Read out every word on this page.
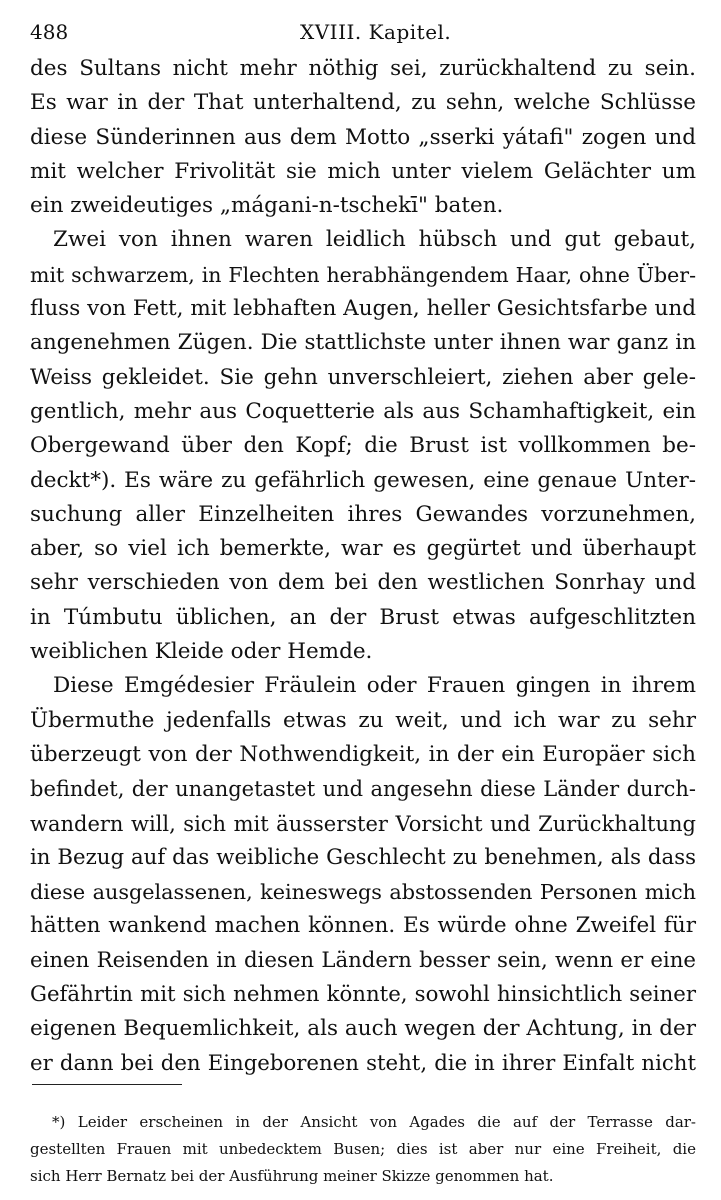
488	XVIII. Kapitel.
des Sultans nicht mehr nöthig sei, zurückhaltend zu sein.
Es war in der That unterhaltend, zu sehn, welche Schlüsse
diese Sünderinnen aus dem Motto „sserki yátafi" zogen und
mit welcher Frivolität sie mich unter vielem Gelächter um
ein zweideutiges „mágani-n-tschekī" baten.
Zwei von ihnen waren leidlich hübsch und gut gebaut,
mit schwarzem, in Flechten herabhängendem Haar, ohne Über-
fluss von Fett, mit lebhaften Augen, heller Gesichtsfarbe und
angenehmen Zügen. Die stattlichste unter ihnen war ganz in
Weiss gekleidet. Sie gehn unverschleiert, ziehen aber gele-
gentlich, mehr aus Coquetterie als aus Schamhaftigkeit, ein
Obergewand über den Kopf; die Brust ist vollkommen be-
deckt*). Es wäre zu gefährlich gewesen, eine genaue Unter-
suchung aller Einzelheiten ihres Gewandes vorzunehmen,
aber, so viel ich bemerkte, war es gegürtet und überhaupt
sehr verschieden von dem bei den westlichen Sonrhay und
in Túmbutu üblichen, an der Brust etwas aufgeschlitzten
weiblichen Kleide oder Hemde.
Diese Emgédesier Fräulein oder Frauen gingen in ihrem
Übermuthe jedenfalls etwas zu weit, und ich war zu sehr
überzeugt von der Nothwendigkeit, in der ein Europäer sich
befindet, der unangetastet und angesehn diese Länder durch-
wandern will, sich mit äusserster Vorsicht und Zurückhaltung
in Bezug auf das weibliche Geschlecht zu benehmen, als dass
diese ausgelassenen, keineswegs abstossenden Personen mich
hätten wankend machen können. Es würde ohne Zweifel für
einen Reisenden in diesen Ländern besser sein, wenn er eine
Gefährtin mit sich nehmen könnte, sowohl hinsichtlich seiner
eigenen Bequemlichkeit, als auch wegen der Achtung, in der
er dann bei den Eingeborenen steht, die in ihrer Einfalt nicht
*) Leider erscheinen in der Ansicht von Agades die auf der Terrasse dar-
gestellten Frauen mit unbedecktem Busen; dies ist aber nur eine Freiheit, die
sich Herr Bernatz bei der Ausführung meiner Skizze genommen hat.
